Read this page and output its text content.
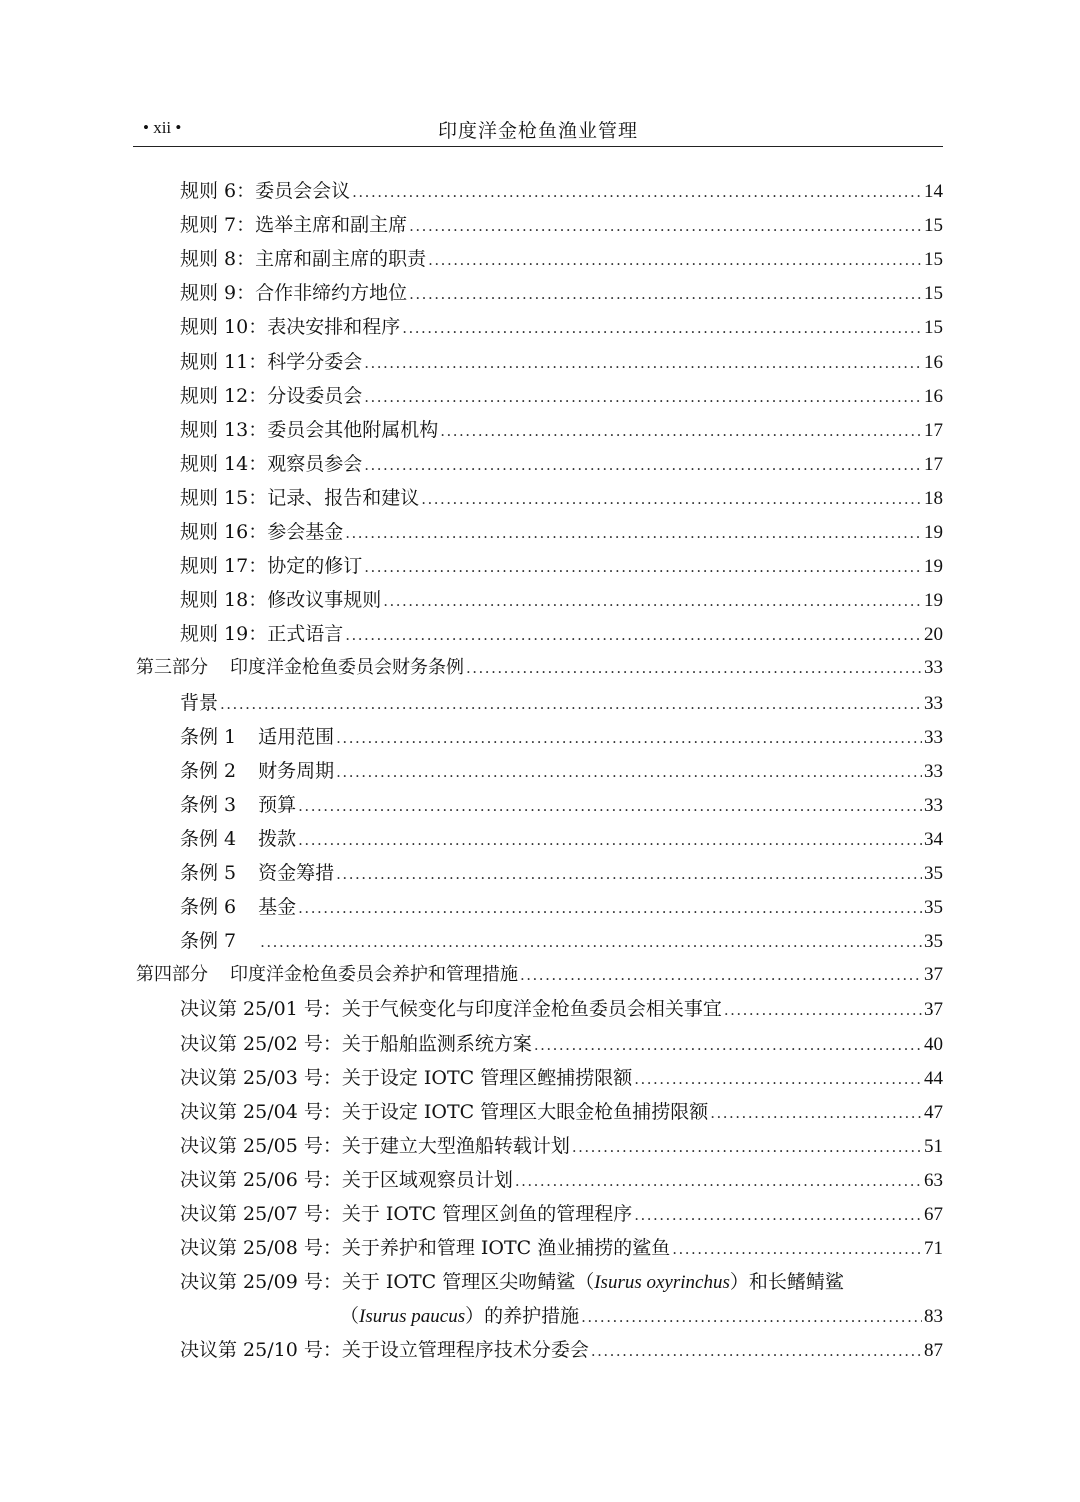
• xii •	印度洋金枪鱼渔业管理
规则 6：委员会会议 .....	14
规则 7：选举主席和副主席 .....	15
规则 8：主席和副主席的职责 .....	15
规则 9：合作非缔约方地位 .....	15
规则 10：表决安排和程序 .....	15
规则 11：科学分委会 .....	16
规则 12：分设委员会 .....	16
规则 13：委员会其他附属机构 .....	17
规则 14：观察员参会 .....	17
规则 15：记录、报告和建议 .....	18
规则 16：参会基金 .....	19
规则 17：协定的修订 .....	19
规则 18：修改议事规则 .....	19
规则 19：正式语言 .....	20
第三部分 印度洋金枪鱼委员会财务条例 .....	33
背景 .....	33
条例 1 适用范围 .....	33
条例 2 财务周期 .....	33
条例 3 预算 .....	33
条例 4 拨款 .....	34
条例 5 资金筹措 .....	35
条例 6 基金 .....	35
条例 7 .....	35
第四部分 印度洋金枪鱼委员会养护和管理措施 .....	37
决议第 25/01 号：关于气候变化与印度洋金枪鱼委员会相关事宜 .....	37
决议第 25/02 号：关于船舶监测系统方案 .....	40
决议第 25/03 号：关于设定 IOTC 管理区鲣捕捞限额 .....	44
决议第 25/04 号：关于设定 IOTC 管理区大眼金枪鱼捕捞限额 .....	47
决议第 25/05 号：关于建立大型渔船转载计划 .....	51
决议第 25/06 号：关于区域观察员计划 .....	63
决议第 25/07 号：关于 IOTC 管理区剑鱼的管理程序 .....	67
决议第 25/08 号：关于养护和管理 IOTC 渔业捕捞的鲨鱼 .....	71
决议第 25/09 号：关于 IOTC 管理区尖吻鲭鲨（Isurus oxyrinchus）和长鳍鲭鲨
（Isurus paucus）的养护措施 .....	83
决议第 25/10 号：关于设立管理程序技术分委会 .....	87
